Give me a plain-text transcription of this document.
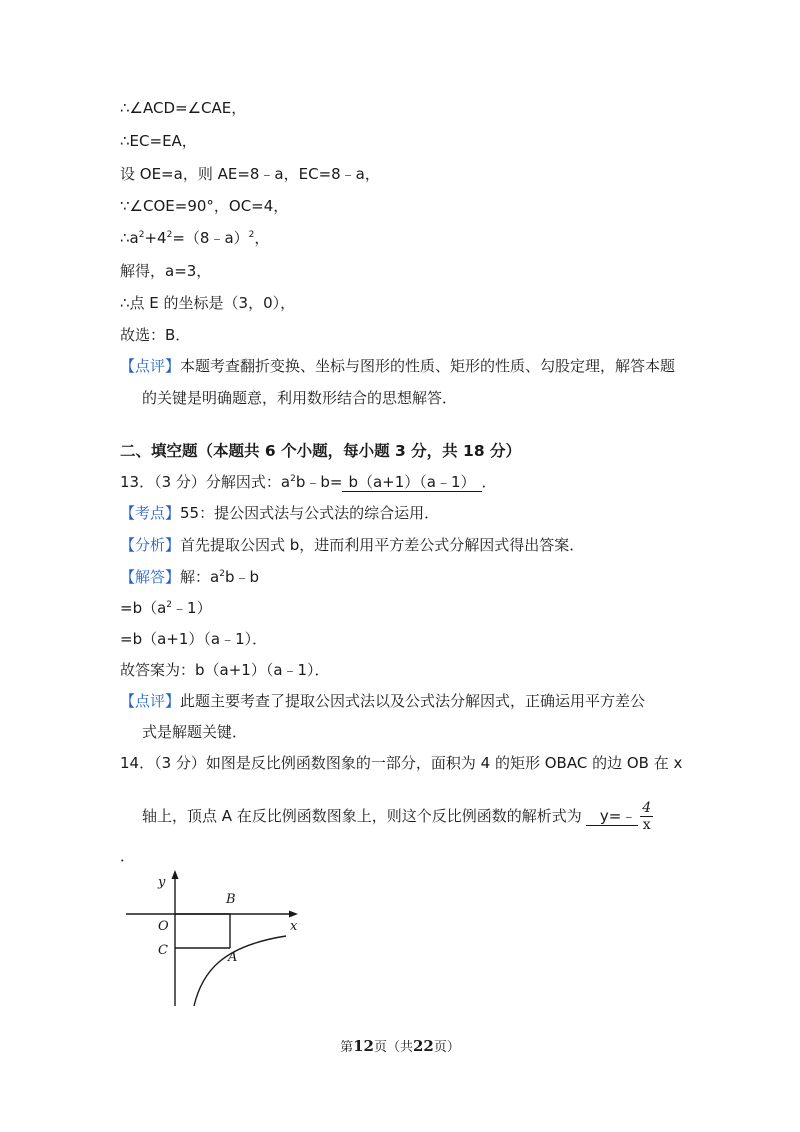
∴∠ACD=∠CAE，
∴EC=EA，
设 OE=a，则 AE=8﹣a，EC=8﹣a，
∵∠COE=90°，OC=4，
$\therefore a^2+4^2=(8﹣a)^2$，
解得，a=3，
∴点 E 的坐标是（3，0），
故选：B．
【点评】本题考查翻折变换、坐标与图形的性质、矩形的性质、勾股定理，解答本题
的关键是明确题意，利用数形结合的思想解答．
二、填空题（本题共 6 个小题，每小题 3 分，共 18 分）
13．（3 分）分解因式：$a^2b﹣b=$ b（a+1）（a﹣1） ．
【考点】55：提公因式法与公式法的综合运用．
【分析】首先提取公因式 b，进而利用平方差公式分解因式得出答案．
【解答】解：$a^2b﹣b$
$=b(a^2﹣1)$
=b（a+1）（a﹣1）．
故答案为：b（a+1）（a﹣1）．
【点评】此题主要考查了提取公因式法以及公式法分解因式，正确运用平方差公
式是解题关键．
14．（3 分）如图是反比例函数图象的一部分，面积为 4 的矩形 OBAC 的边 OB 在 x
轴上，顶点 A 在反比例函数图象上，则这个反比例函数的解析式为 y=﹣ $\frac{4}{x}$
．
y
x
O
B
C	A
第12页（共22页）
